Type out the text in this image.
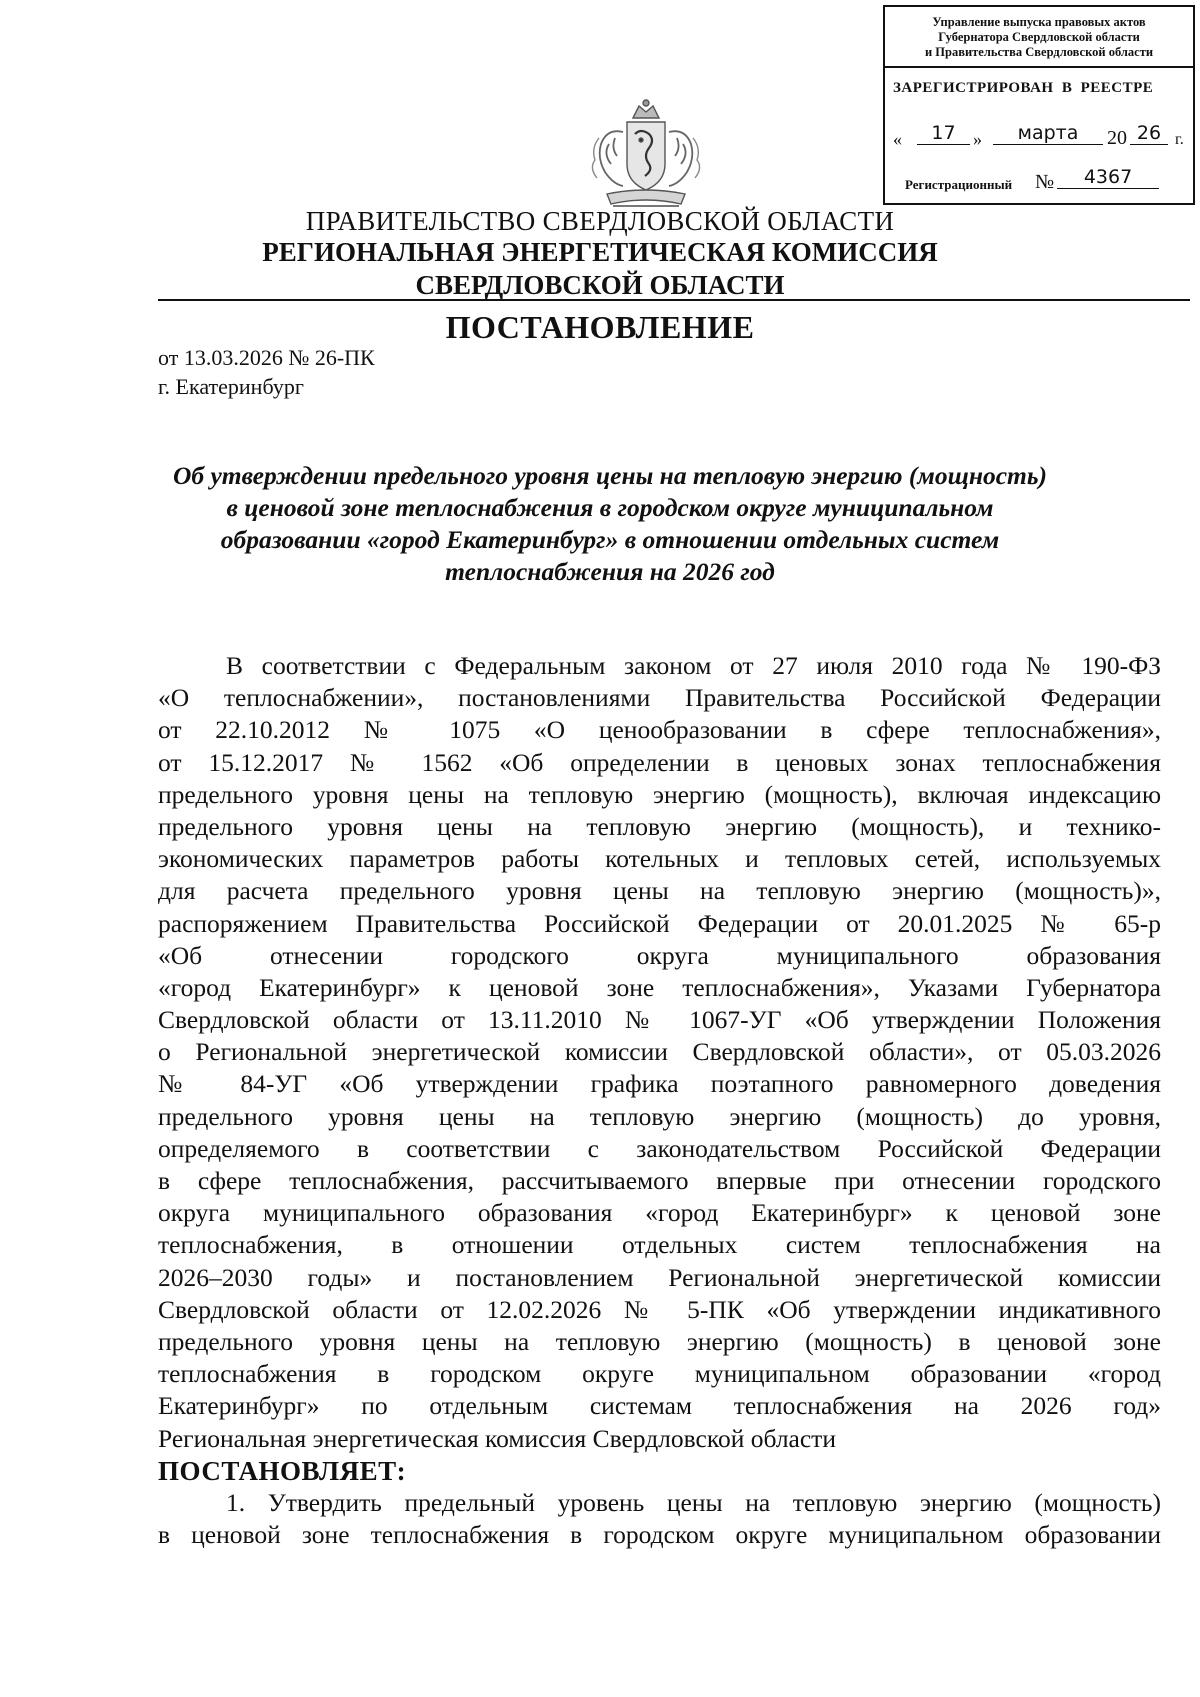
Управление выпуска правовых актов
Губернатора Свердловской области
и Правительства Свердловской области
ЗАРЕГИСТРИРОВАН В РЕЕСТРЕ
«	17 »	марта	20 26 г.
Регистрационный №	4367
ПРАВИТЕЛЬСТВО СВЕРДЛОВСКОЙ ОБЛАСТИ
РЕГИОНАЛЬНАЯ ЭНЕРГЕТИЧЕСКАЯ КОМИССИЯ
СВЕРДЛОВСКОЙ ОБЛАСТИ
ПОСТАНОВЛЕНИЕ
от 13.03.2026 № 26-ПК
г. Екатеринбург
Об утверждении предельного уровня цены на тепловую энергию (мощность)
в ценовой зоне теплоснабжения в городском округе муниципальном
образовании «город Екатеринбург» в отношении отдельных систем
теплоснабжения на 2026 год
В соответствии с Федеральным законом от 27 июля 2010 года № 190-ФЗ
«О теплоснабжении», постановлениями Правительства Российской Федерации
от 22.10.2012 № 1075 «О ценообразовании в сфере теплоснабжения»,
от 15.12.2017 № 1562 «Об определении в ценовых зонах теплоснабжения
предельного уровня цены на тепловую энергию (мощность), включая индексацию
предельного уровня цены на тепловую энергию (мощность), и технико-
экономических параметров работы котельных и тепловых сетей, используемых
для расчета предельного уровня цены на тепловую энергию (мощность)»,
распоряжением Правительства Российской Федерации от 20.01.2025 № 65-р
«Об отнесении городского округа муниципального образования
«город Екатеринбург» к ценовой зоне теплоснабжения», Указами Губернатора
Свердловской области от 13.11.2010 № 1067-УГ «Об утверждении Положения
о Региональной энергетической комиссии Свердловской области», от 05.03.2026
№ 84-УГ «Об утверждении графика поэтапного равномерного доведения
предельного уровня цены на тепловую энергию (мощность) до уровня,
определяемого в соответствии с законодательством Российской Федерации
в сфере теплоснабжения, рассчитываемого впервые при отнесении городского
округа муниципального образования «город Екатеринбург» к ценовой зоне
теплоснабжения, в отношении отдельных систем теплоснабжения на
2026–2030 годы» и постановлением Региональной энергетической комиссии
Свердловской области от 12.02.2026 № 5-ПК «Об утверждении индикативного
предельного уровня цены на тепловую энергию (мощность) в ценовой зоне
теплоснабжения в городском округе муниципальном образовании «город
Екатеринбург» по отдельным системам теплоснабжения на 2026 год»
Региональная энергетическая комиссия Свердловской области
ПОСТАНОВЛЯЕТ:
1. Утвердить предельный уровень цены на тепловую энергию (мощность)
в ценовой зоне теплоснабжения в городском округе муниципальном образовании
